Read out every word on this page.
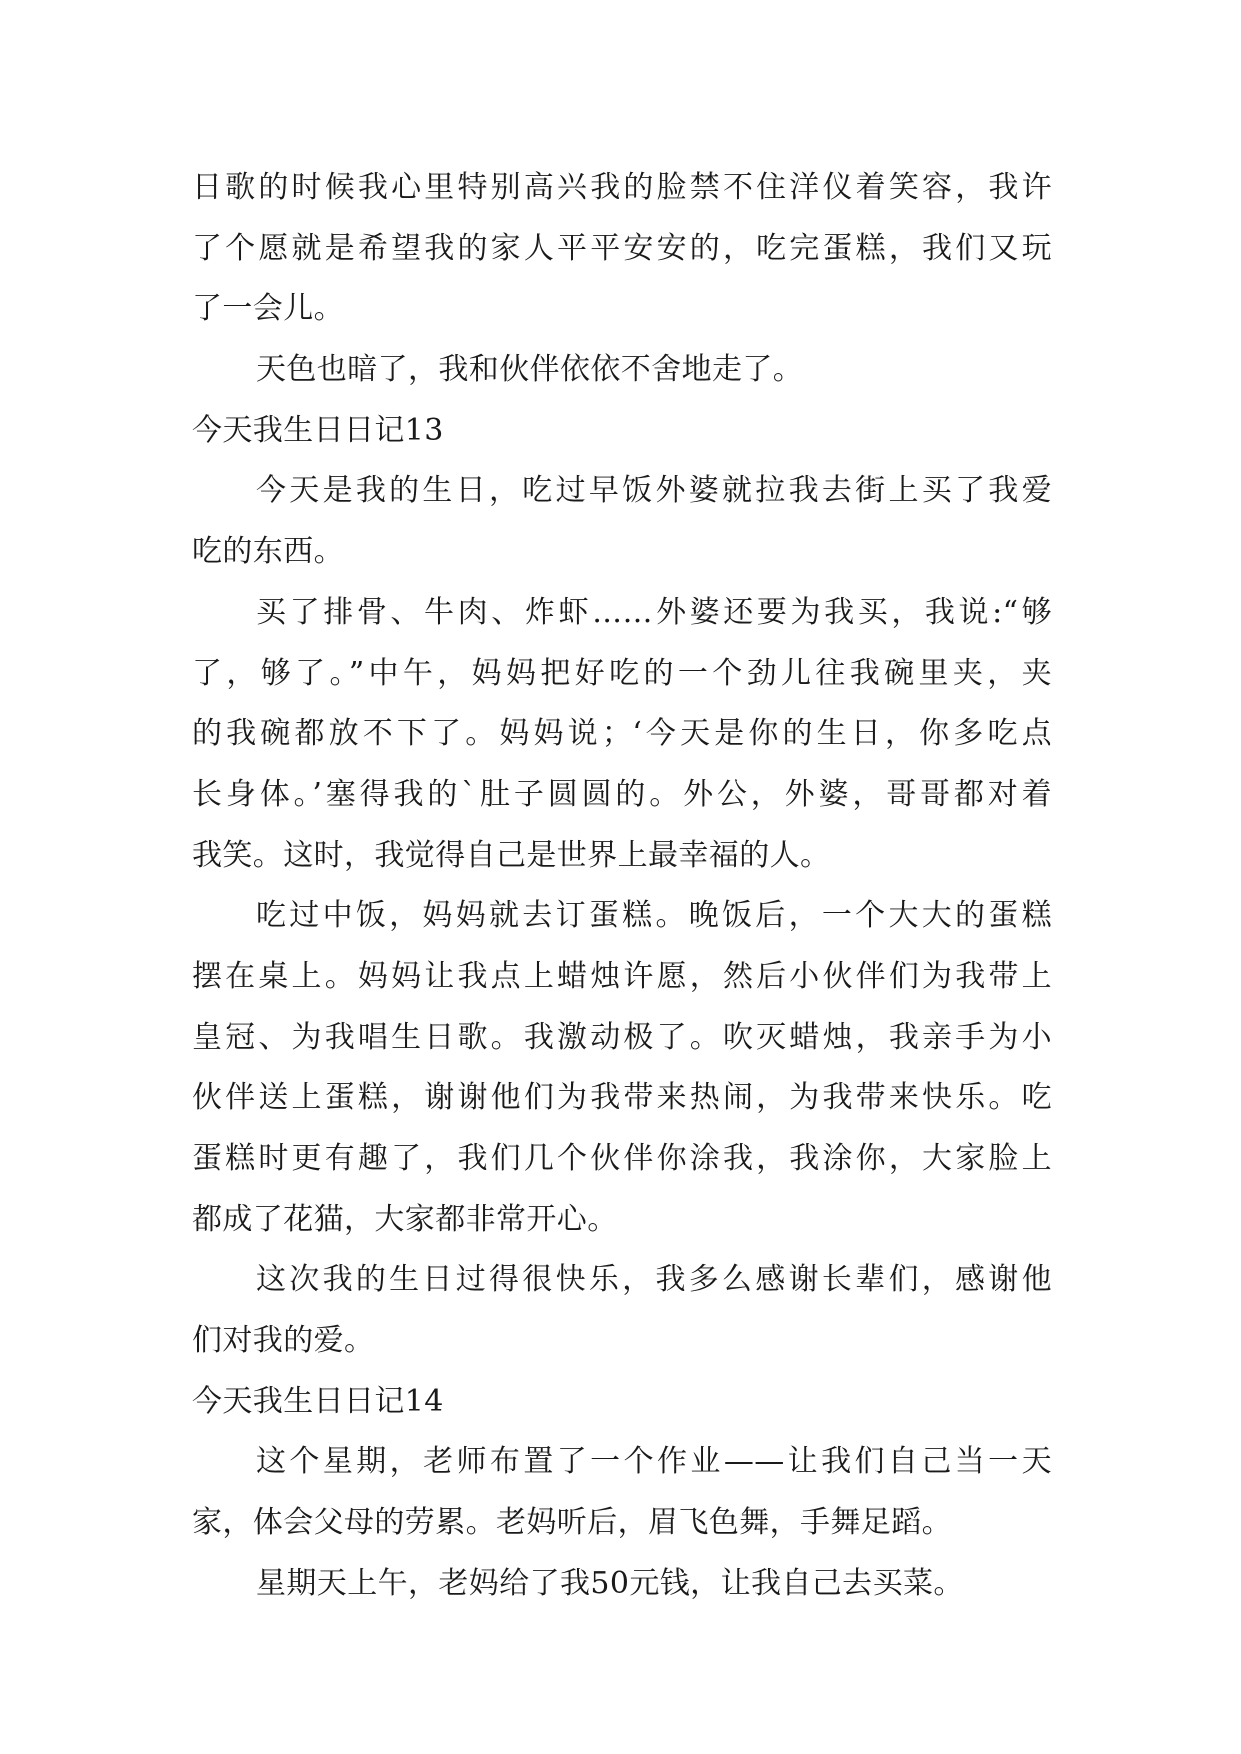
日歌的时候我心里特别高兴我的脸禁不住洋仪着笑容，我许
了个愿就是希望我的家人平平安安的，吃完蛋糕，我们又玩
了一会儿。
天色也暗了，我和伙伴依依不舍地走了。
今天我生日日记13
今天是我的生日，吃过早饭外婆就拉我去街上买了我爱
吃的东西。
买了排骨、牛肉、炸虾……外婆还要为我买，我说:“够
了，够了。”中午，妈妈把好吃的一个劲儿往我碗里夹，夹
的我碗都放不下了。妈妈说；‘今天是你的生日，你多吃点
长身体。’塞得我的`肚子圆圆的。外公，外婆，哥哥都对着
我笑。这时，我觉得自己是世界上最幸福的人。
吃过中饭，妈妈就去订蛋糕。晚饭后，一个大大的蛋糕
摆在桌上。妈妈让我点上蜡烛许愿，然后小伙伴们为我带上
皇冠、为我唱生日歌。我激动极了。吹灭蜡烛，我亲手为小
伙伴送上蛋糕，谢谢他们为我带来热闹，为我带来快乐。吃
蛋糕时更有趣了，我们几个伙伴你涂我，我涂你，大家脸上
都成了花猫，大家都非常开心。
这次我的生日过得很快乐，我多么感谢长辈们，感谢他
们对我的爱。
今天我生日日记14
这个星期，老师布置了一个作业——让我们自己当一天
家，体会父母的劳累。老妈听后，眉飞色舞，手舞足蹈。
星期天上午，老妈给了我50元钱，让我自己去买菜。
